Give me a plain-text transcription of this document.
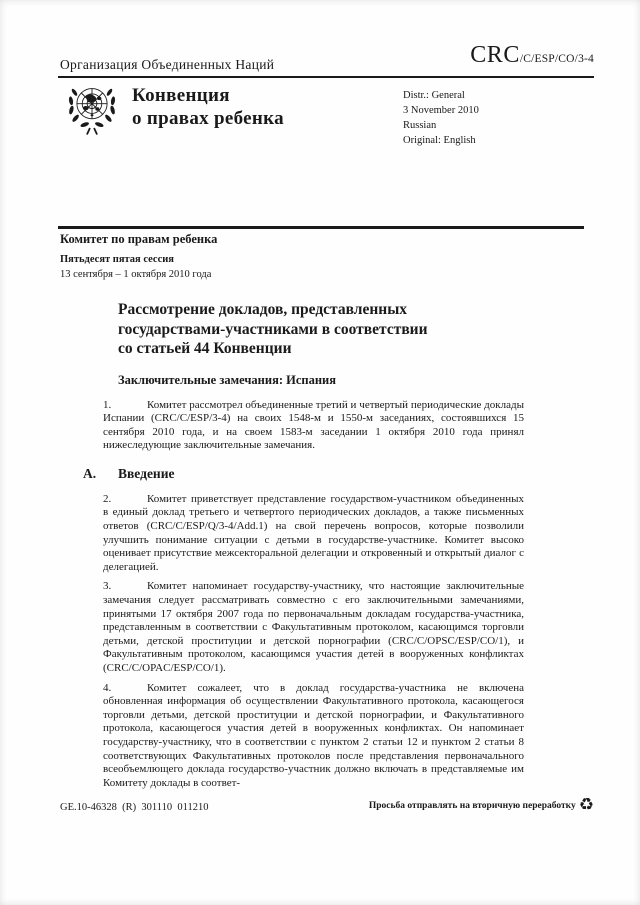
Организация Объединенных Наций	CRC /C/ESP/CO/3-4
Конвенция
о правах ребенка
Distr.: General
3 November 2010
Russian
Original: English
Комитет по правам ребенка
Пятьдесят пятая сессия
13 сентября – 1 октября 2010 года
Рассмотрение докладов, представленных
государствами-участниками в соответствии
со статьей 44 Конвенции
Заключительные замечания: Испания

1.	Комитет рассмотрел объединенные третий и четвертый периодические доклады Испании (CRC/C/ESP/3-4) на своих 1548-м и 1550-м заседаниях, состоявшихся 15 сентября 2010 года, и на своем 1583-м заседании 1 октября 2010 года принял нижеследующие заключительные замечания.

A. Введение

2.	Комитет приветствует представление государством-участником объединенных в единый доклад третьего и четвертого периодических докладов, а также письменных ответов (CRC/C/ESP/Q/3-4/Add.1) на свой перечень вопросов, которые позволили улучшить понимание ситуации с детьми в государстве-участнике. Комитет высоко оценивает присутствие межсекторальной делегации и откровенный и открытый диалог с делегацией.

3.	Комитет напоминает государству-участнику, что настоящие заключительные замечания следует рассматривать совместно с его заключительными замечаниями, принятыми 17 октября 2007 года по первоначальным докладам государства-участника, представленным в соответствии с Факультативным протоколом, касающимся торговли детьми, детской проституции и детской порнографии (CRC/C/OPSC/ESP/CO/1), и Факультативным протоколом, касающимся участия детей в вооруженных конфликтах (CRC/C/OPAC/ESP/CO/1).

4.	Комитет сожалеет, что в доклад государства-участника не включена обновленная информация об осуществлении Факультативного протокола, касающегося торговли детьми, детской проституции и детской порнографии, и Факультативного протокола, касающегося участия детей в вооруженных конфликтах. Он напоминает государству-участнику, что в соответствии с пунктом 2 статьи 12 и пунктом 2 статьи 8 соответствующих Факультативных протоколов после представления первоначального всеобъемлющего доклада государство-участник должно включать в представляемые им Комитету доклады в соответ-

GE.10-46328  (R)  301110  011210	Просьба отправлять на вторичную переработку ♻
